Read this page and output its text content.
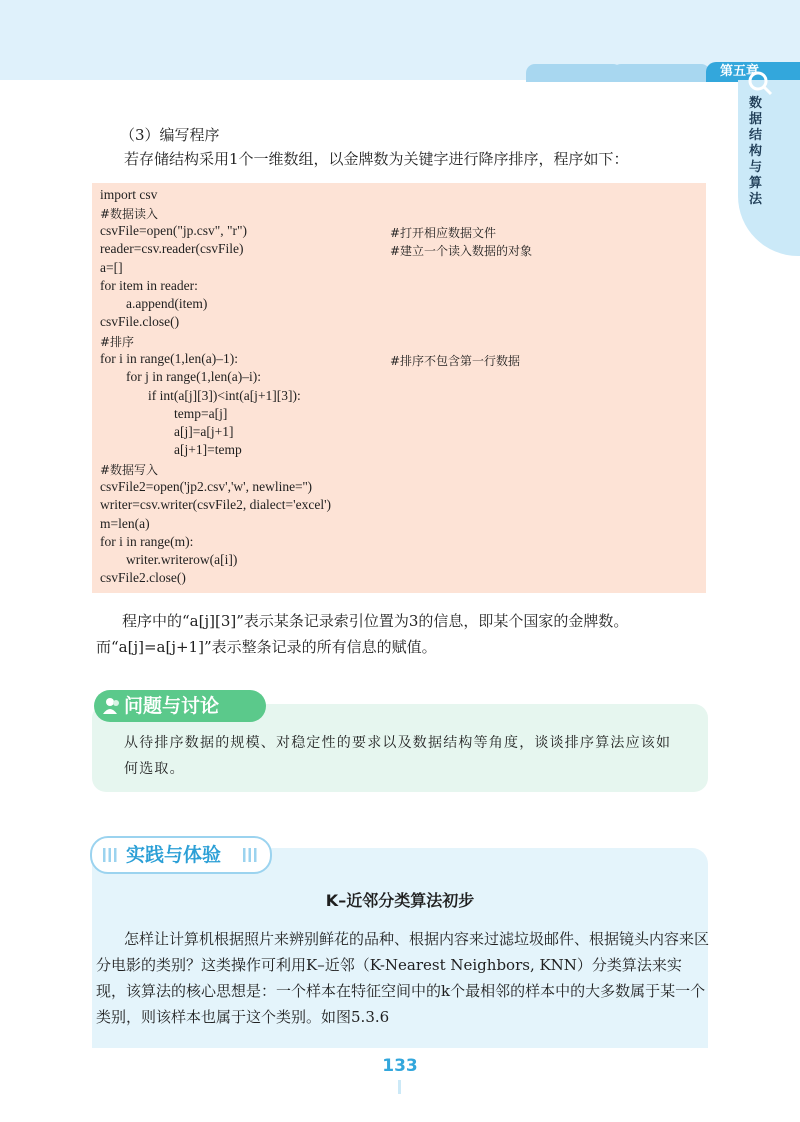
第五章
数据结构与算法
（3）编写程序
若存储结构采用1个一维数组，以金牌数为关键字进行降序排序，程序如下：
import csv
#数据读入
csvFile=open("jp.csv", "r")	#打开相应数据文件
reader=csv.reader(csvFile)	#建立一个读入数据的对象
a=[]
for item in reader:
a.append(item)
csvFile.close()
#排序
for i in range(1,len(a)–1):	#排序不包含第一行数据
for j in range(1,len(a)–i):
if int(a[j][3])<int(a[j+1][3]):
temp=a[j]
a[j]=a[j+1]
a[j+1]=temp
#数据写入
csvFile2=open('jp2.csv','w', newline='')
writer=csv.writer(csvFile2, dialect='excel')
m=len(a)
for i in range(m):
writer.writerow(a[i])
csvFile2.close()
程序中的“a[j][3]”表示某条记录索引位置为3的信息，即某个国家的金牌数。而“a[j]=a[j+1]”表示整条记录的所有信息的赋值。
问题与讨论
从待排序数据的规模、对稳定性的要求以及数据结构等角度，谈谈排序算法应该如何选取。
实践与体验
K–近邻分类算法初步
怎样让计算机根据照片来辨别鲜花的品种、根据内容来过滤垃圾邮件、根据镜头内容来区分电影的类别？这类操作可利用K–近邻（K-Nearest Neighbors, KNN）分类算法来实现，该算法的核心思想是：一个样本在特征空间中的k个最相邻的样本中的大多数属于某一个类别，则该样本也属于这个类别。如图5.3.6
133
